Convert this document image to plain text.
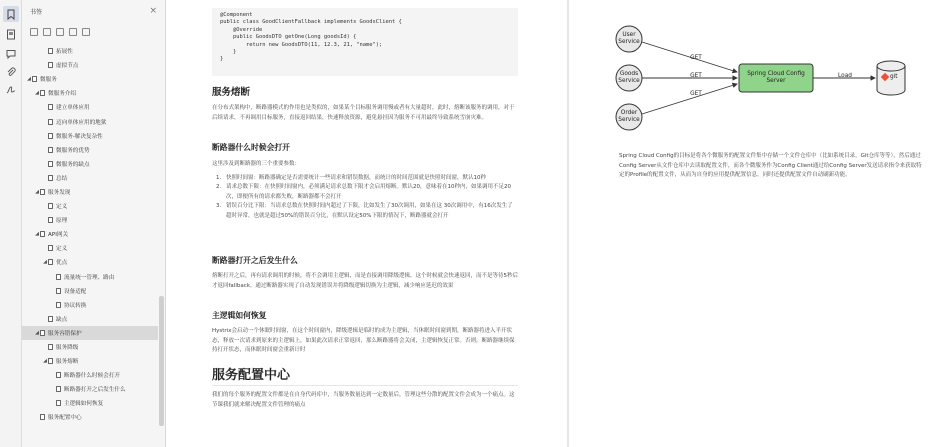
书签	×
拓展性
虚拟节点
◢ 微服务
◢ 微服务介绍
建立单体应用
迈向单体应用的地狱
微服务-解决复杂性
微服务的优势
微服务的缺点
总结
◢ 服务发现
定义
原理
◢ API网关
定义
◢ 优点
流量统一管理、路由
设备适配
协议转换
缺点
◢ 服务容错保护
服务降级
◢ 服务熔断
断路器什么时候会打开
断路器打开之后发生什么
主逻辑如何恢复
服务配置中心
@Component
public class GoodClientFallback implements GoodsClient {
@Override
public GoodsDTO getOne(Long goodsId) {
return new GoodsDTO(11, 12.3, 21, "name");
}
}
服务熔断
在分布式架构中，断路器模式的作用也是类似的，如果某个目标服务调用慢或者有大量超时，此时，熔断该服务的调用，对于后续请求，不再调用目标服务，直接返回结果，快速释放资源，避免悬挂因为服务不可用最终导致系统雪崩灾难。
断路器什么时候会打开
这里涉及到断路器的三个重要参数：
1. 快照时间窗：断路器确定是否需要统计一些请求和错误数据，而统计的时间范围就是快照时间窗，默认10秒
2. 请求总数下限：在快照时间窗内，必须满足请求总数下限才会启用熔断。默认20，意味着在10秒内，如果调用不足20次，即便所有的请求都失败，断路器都不会打开
3. 错误百分比下限：当请求总数在快照时间内超过了下限，比如发生了30次调用，如果在这 30次调用中，有16次发生了超时异常，也就是超过50%的错误百分比，在默认设定50%下限的情况下，断路器就会打开
断路器打开之后发生什么
熔断打开之后，再有请求调用的时候，将不会调用主逻辑，而是直接调用降级逻辑，这个时候就会快速返回，而不是等待5秒后才返回fallback。通过断路器实现了自动发现错误并将降级逻辑切换为主逻辑，减少响应延迟的效果
主逻辑如何恢复
Hystrix会启动一个休眠时间窗，在这个时间窗内，降级逻辑是临时的成为主逻辑，当休眠时间窗到期，断路器将进入半开状态，释放一次请求到原来的主逻辑上，如果此次请求正常返回，那么断路器将会关闭，主逻辑恢复正常。否则，断路器继续保持打开状态，而休眠时间窗会重新计时
服务配置中心
我们的每个服务的配置文件都是在自身代码库中，当服务数量达到一定数量后，管理这些分散的配置文件会成为一个痛点。这节课我们就来解决配置文件管理的痛点
User
Service
Goods
Service
Order
Service
Spring Cloud Config
Server
git
GET
GET
GET
Load
Spring Cloud Config的目标是将各个微服务的配置文件集中存储一个文件仓库中（比如系统目录，Git仓库等等），然后通过Config Server从文件仓库中去读取配置文件，而各个微服务作为Config Client通过给Config Server发送请求指令来获取特定的Profile的配置文件，从而为自身的应用提供配置信息。同时还提供配置文件自动刷新功能。
